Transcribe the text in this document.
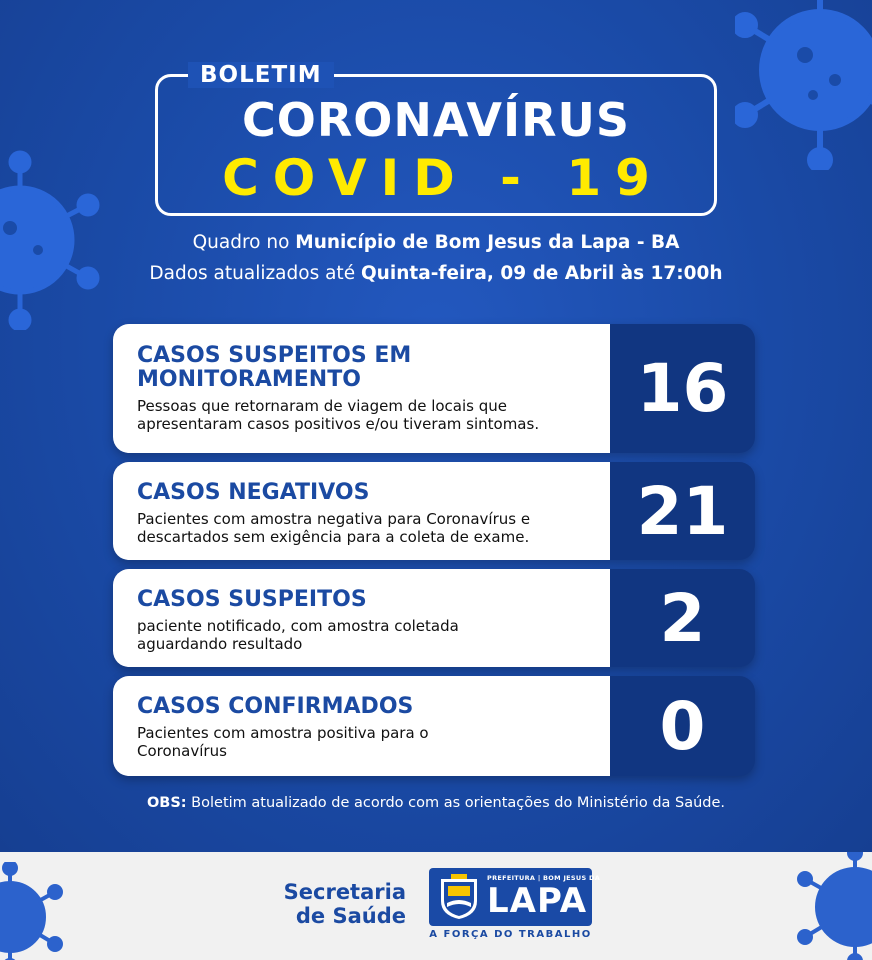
BOLETIM
CORONAVÍRUS
COVID - 19
Quadro no Município de Bom Jesus da Lapa - BA
Dados atualizados até Quinta-feira, 09 de Abril às 17:00h
CASOS SUSPEITOS EM
MONITORAMENTO
Pessoas que retornaram de viagem de locais que
apresentaram casos positivos e/ou tiveram sintomas.	16
CASOS NEGATIVOS
Pacientes com amostra negativa para Coronavírus e
descartados sem exigência para a coleta de exame.	21
CASOS SUSPEITOS
paciente notificado, com amostra coletada
aguardando resultado	2
CASOS CONFIRMADOS
Pacientes com amostra positiva para o
Coronavírus	0
OBS: Boletim atualizado de acordo com as orientações do Ministério da Saúde.
Secretaria
de Saúde
PREFEITURA | BOM JESUS DA
LAPA
A FORÇA DO TRABALHO
